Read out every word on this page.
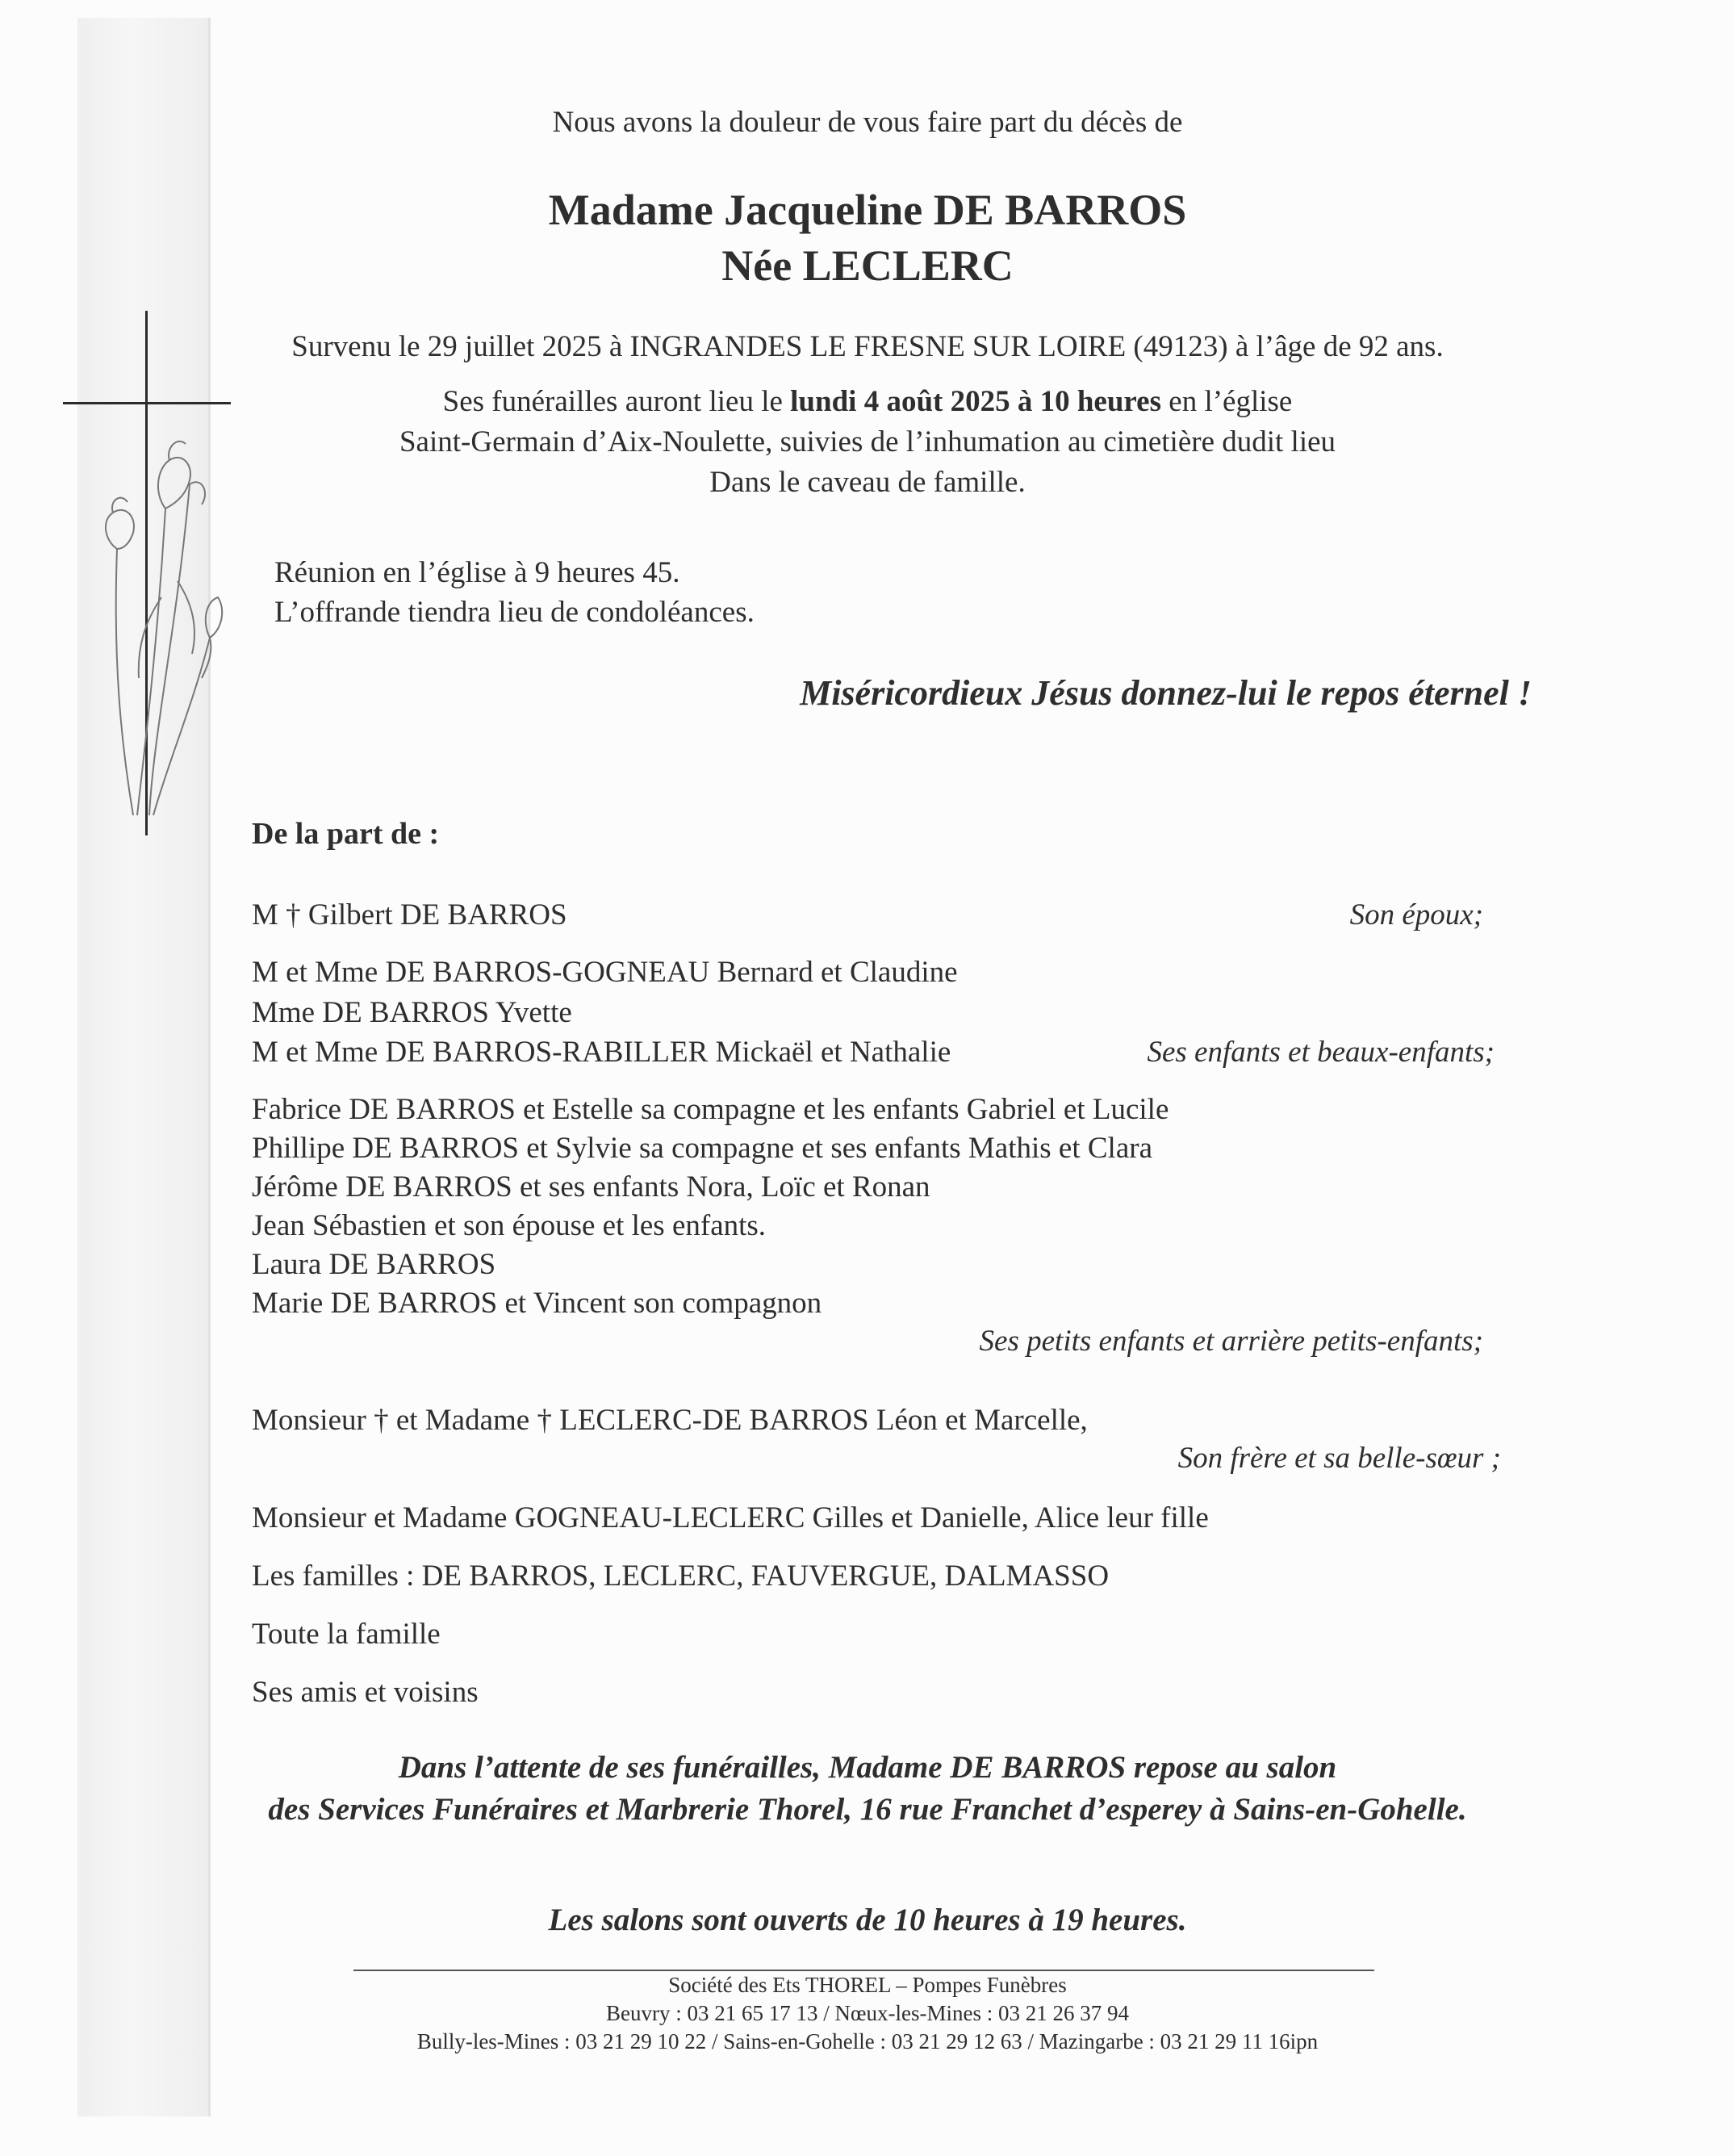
Nous avons la douleur de vous faire part du décès de
Madame Jacqueline DE BARROS
Née LECLERC
Survenu le 29 juillet 2025 à INGRANDES LE FRESNE SUR LOIRE (49123) à l’âge de 92 ans.
Ses funérailles auront lieu le lundi 4 août 2025 à 10 heures en l’église
Saint-Germain d’Aix-Noulette, suivies de l’inhumation au cimetière dudit lieu
Dans le caveau de famille.
Réunion en l’église à 9 heures 45.
L’offrande tiendra lieu de condoléances.
Miséricordieux Jésus donnez-lui le repos éternel !
De la part de :
M † Gilbert DE BARROS	Son époux;
M et Mme DE BARROS-GOGNEAU Bernard et Claudine
Mme DE BARROS Yvette
M et Mme DE BARROS-RABILLER Mickaël et Nathalie	Ses enfants et beaux-enfants;
Fabrice DE BARROS et Estelle sa compagne et les enfants Gabriel et Lucile
Phillipe DE BARROS et Sylvie sa compagne et ses enfants Mathis et Clara
Jérôme DE BARROS et ses enfants Nora, Loïc et Ronan
Jean Sébastien et son épouse et les enfants.
Laura DE BARROS
Marie DE BARROS et Vincent son compagnon
Ses petits enfants et arrière petits-enfants;
Monsieur † et Madame † LECLERC-DE BARROS Léon et Marcelle,
Son frère et sa belle-sœur ;
Monsieur et Madame GOGNEAU-LECLERC Gilles et Danielle, Alice leur fille
Les familles : DE BARROS, LECLERC, FAUVERGUE, DALMASSO
Toute la famille
Ses amis et voisins
Dans l’attente de ses funérailles, Madame DE BARROS repose au salon
des Services Funéraires et Marbrerie Thorel, 16 rue Franchet d’esperey à Sains-en-Gohelle.
Les salons sont ouverts de 10 heures à 19 heures.
Société des Ets THOREL – Pompes Funèbres
Beuvry : 03 21 65 17 13 / Nœux-les-Mines : 03 21 26 37 94
Bully-les-Mines : 03 21 29 10 22 / Sains-en-Gohelle : 03 21 29 12 63 / Mazingarbe : 03 21 29 11 16ipn
